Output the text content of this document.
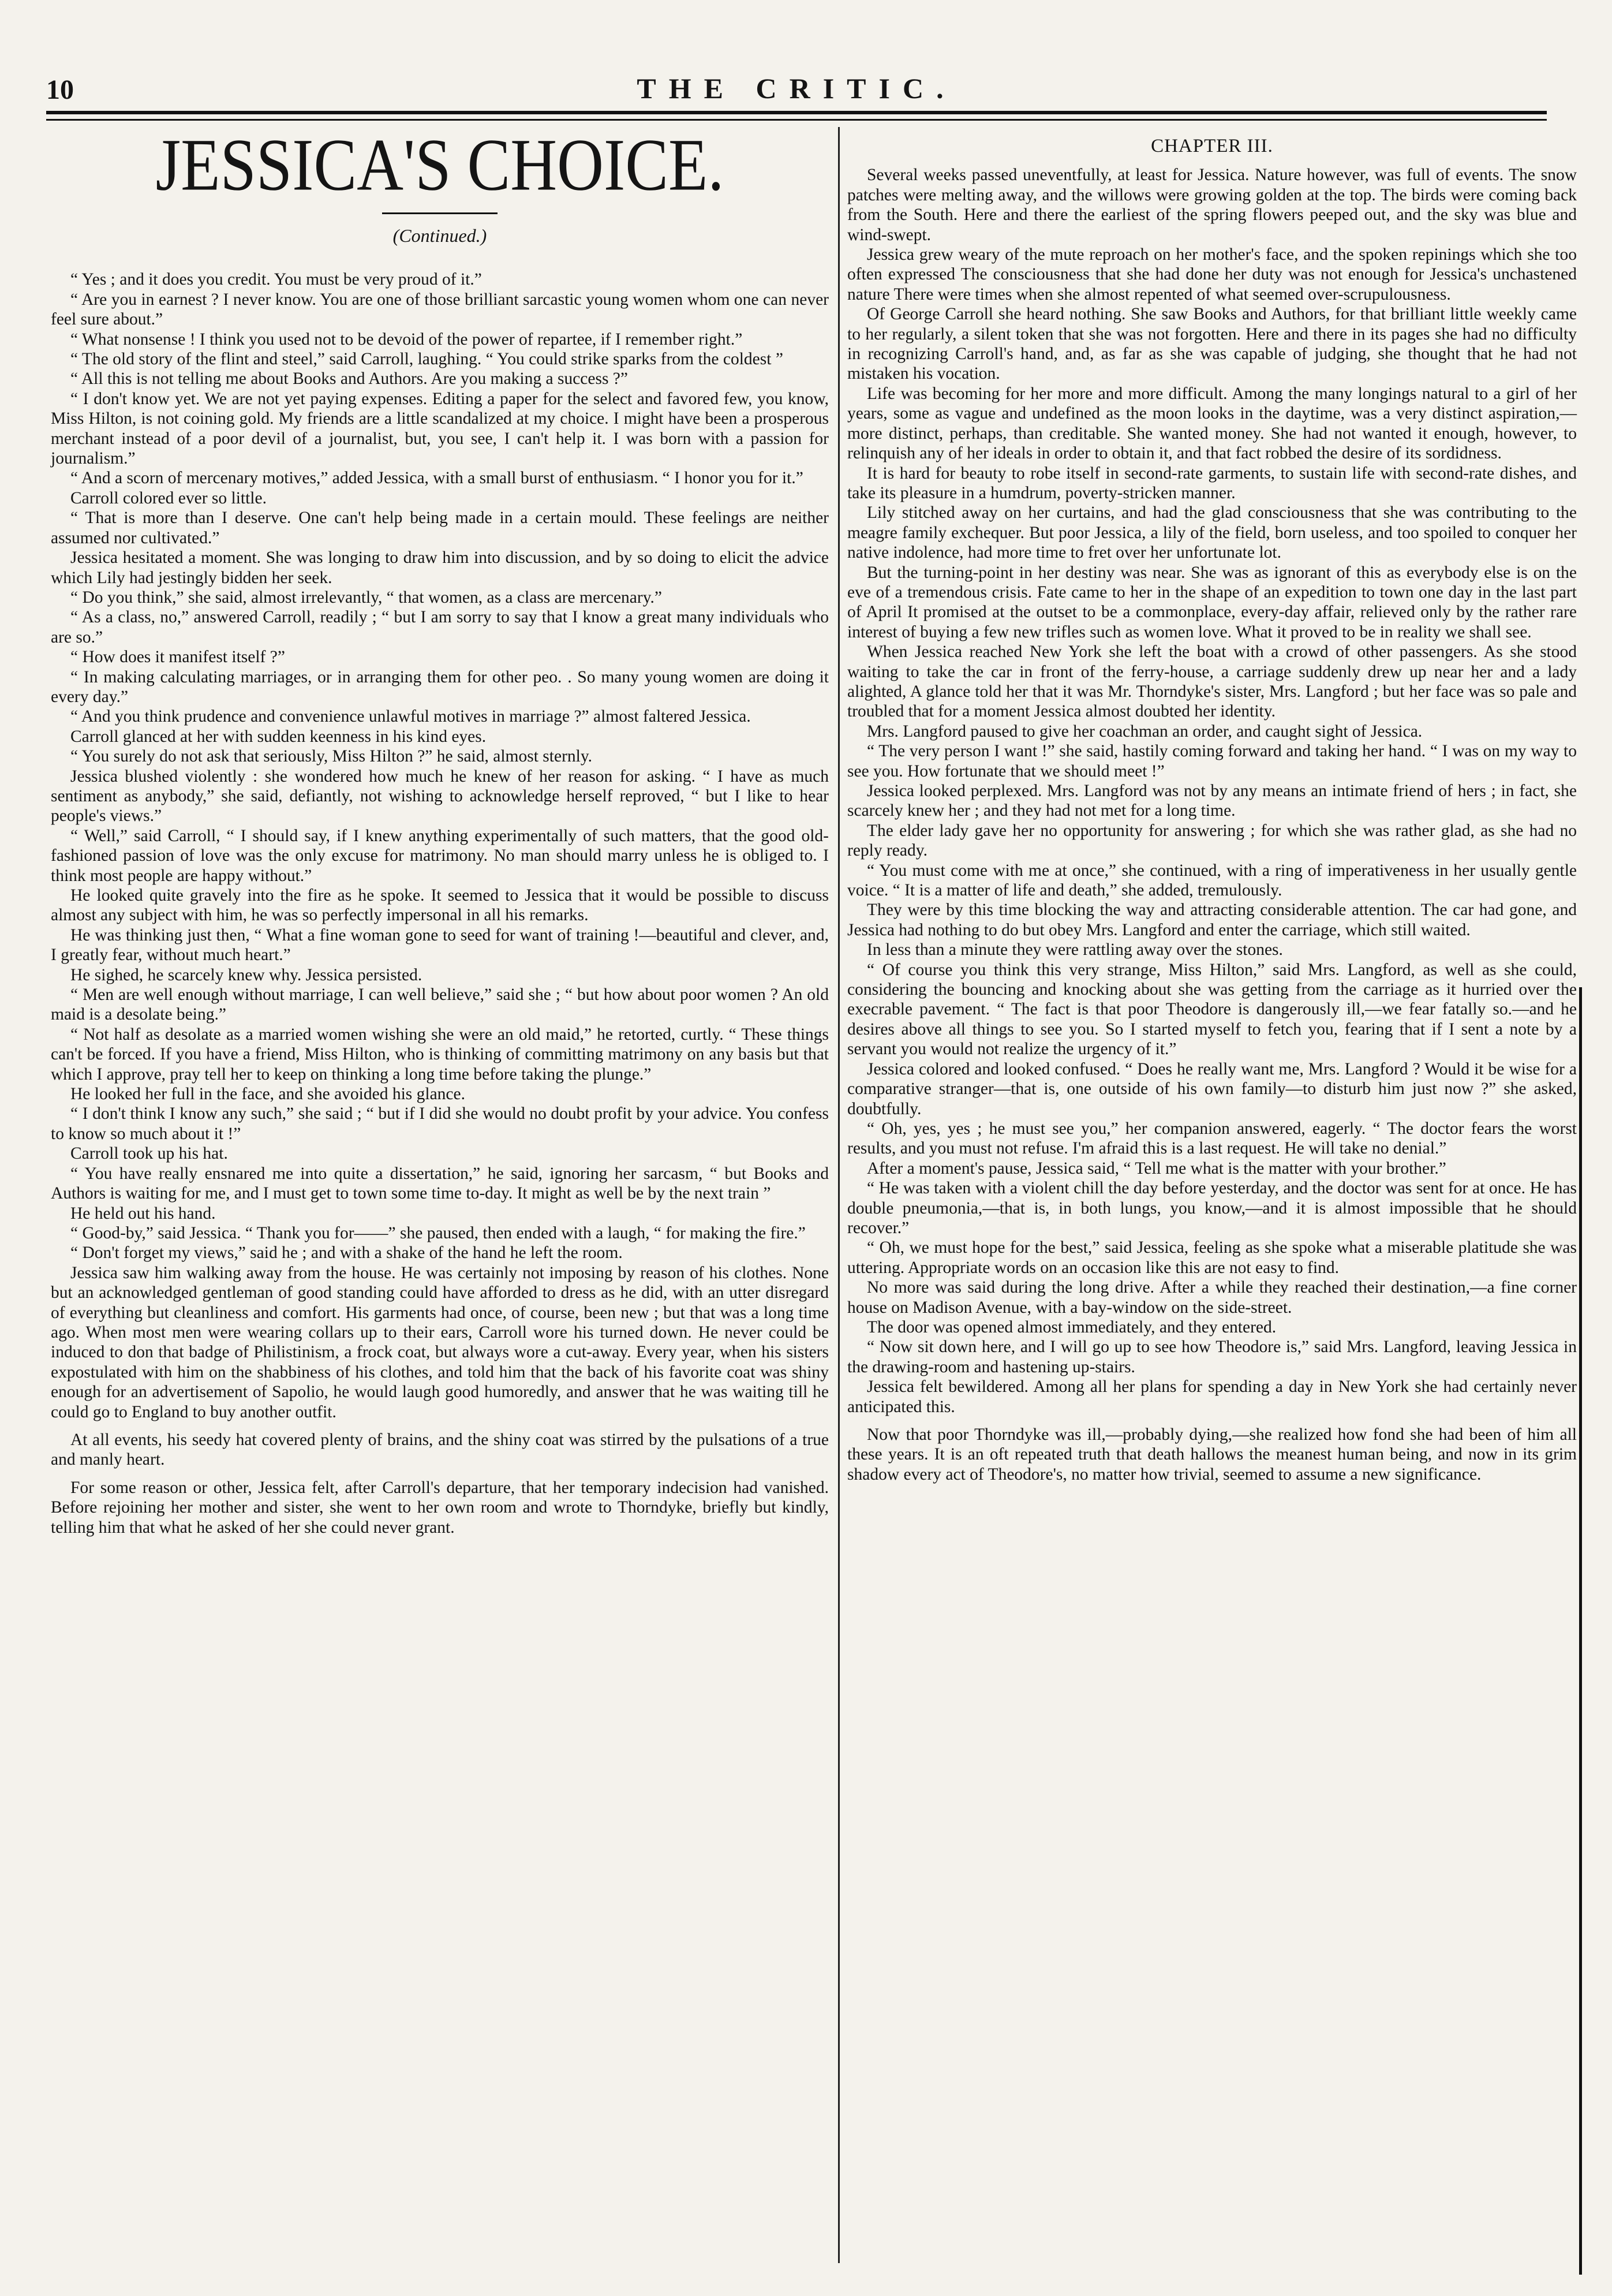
10	THE CRITIC.
JESSICA'S CHOICE.
(Continued.)

“ Yes ; and it does you credit. You must be very proud of it.”

“ Are you in earnest ? I never know. You are one of those brilliant sarcastic young women whom one can never feel sure about.”

“ What nonsense ! I think you used not to be devoid of the power of repartee, if I remember right.”

“ The old story of the flint and steel,” said Carroll, laughing. “ You could strike sparks from the coldest ”

“ All this is not telling me about Books and Authors. Are you making a success ?”

“ I don't know yet. We are not yet paying expenses. Editing a paper for the select and favored few, you know, Miss Hilton, is not coining gold. My friends are a little scandalized at my choice. I might have been a prosperous merchant instead of a poor devil of a journalist, but, you see, I can't help it. I was born with a passion for journalism.”

“ And a scorn of mercenary motives,” added Jessica, with a small burst of enthusiasm. “ I honor you for it.”

Carroll colored ever so little.

“ That is more than I deserve. One can't help being made in a certain mould. These feelings are neither assumed nor cultivated.”

Jessica hesitated a moment. She was longing to draw him into discussion, and by so doing to elicit the advice which Lily had jestingly bidden her seek.

“ Do you think,” she said, almost irrelevantly, “ that women, as a class are mercenary.”

“ As a class, no,” answered Carroll, readily ; “ but I am sorry to say that I know a great many individuals who are so.”

“ How does it manifest itself ?”

“ In making calculating marriages, or in arranging them for other peo. . So many young women are doing it every day.”

“ And you think prudence and convenience unlawful motives in marriage ?” almost faltered Jessica.

Carroll glanced at her with sudden keenness in his kind eyes.

“ You surely do not ask that seriously, Miss Hilton ?” he said, almost sternly.

Jessica blushed violently : she wondered how much he knew of her reason for asking. “ I have as much sentiment as anybody,” she said, defiantly, not wishing to acknowledge herself reproved, “ but I like to hear people's views.”

“ Well,” said Carroll, “ I should say, if I knew anything experimentally of such matters, that the good old-fashioned passion of love was the only excuse for matrimony. No man should marry unless he is obliged to. I think most people are happy without.”

He looked quite gravely into the fire as he spoke. It seemed to Jessica that it would be possible to discuss almost any subject with him, he was so perfectly impersonal in all his remarks.

He was thinking just then, “ What a fine woman gone to seed for want of training !—beautiful and clever, and, I greatly fear, without much heart.”

He sighed, he scarcely knew why. Jessica persisted.

“ Men are well enough without marriage, I can well believe,” said she ; “ but how about poor women ? An old maid is a desolate being.”

“ Not half as desolate as a married women wishing she were an old maid,” he retorted, curtly. “ These things can't be forced. If you have a friend, Miss Hilton, who is thinking of committing matrimony on any basis but that which I approve, pray tell her to keep on thinking a long time before taking the plunge.”

He looked her full in the face, and she avoided his glance.

“ I don't think I know any such,” she said ; “ but if I did she would no doubt profit by your advice. You confess to know so much about it !”

Carroll took up his hat.

“ You have really ensnared me into quite a dissertation,” he said, ignoring her sarcasm, “ but Books and Authors is waiting for me, and I must get to town some time to-day. It might as well be by the next train ”

He held out his hand.

“ Good-by,” said Jessica. “ Thank you for——” she paused, then ended with a laugh, “ for making the fire.”

“ Don't forget my views,” said he ; and with a shake of the hand he left the room.

Jessica saw him walking away from the house. He was certainly not imposing by reason of his clothes. None but an acknowledged gentleman of good standing could have afforded to dress as he did, with an utter disregard of everything but cleanliness and comfort. His garments had once, of course, been new ; but that was a long time ago. When most men were wearing collars up to their ears, Carroll wore his turned down. He never could be induced to don that badge of Philistinism, a frock coat, but always wore a cut-away. Every year, when his sisters expostulated with him on the shabbiness of his clothes, and told him that the back of his favorite coat was shiny enough for an advertisement of Sapolio, he would laugh good humoredly, and answer that he was waiting till he could go to England to buy another outfit.

At all events, his seedy hat covered plenty of brains, and the shiny coat was stirred by the pulsations of a true and manly heart.

For some reason or other, Jessica felt, after Carroll's departure, that her temporary indecision had vanished. Before rejoining her mother and sister, she went to her own room and wrote to Thorndyke, briefly but kindly, telling him that what he asked of her she could never grant.

CHAPTER III.

Several weeks passed uneventfully, at least for Jessica. Nature however, was full of events. The snow patches were melting away, and the willows were growing golden at the top. The birds were coming back from the South. Here and there the earliest of the spring flowers peeped out, and the sky was blue and wind-swept.

Jessica grew weary of the mute reproach on her mother's face, and the spoken repinings which she too often expressed The consciousness that she had done her duty was not enough for Jessica's unchastened nature There were times when she almost repented of what seemed over-scrupulousness.

Of George Carroll she heard nothing. She saw Books and Authors, for that brilliant little weekly came to her regularly, a silent token that she was not forgotten. Here and there in its pages she had no difficulty in recognizing Carroll's hand, and, as far as she was capable of judging, she thought that he had not mistaken his vocation.

Life was becoming for her more and more difficult. Among the many longings natural to a girl of her years, some as vague and undefined as the moon looks in the daytime, was a very distinct aspiration,—more distinct, perhaps, than creditable. She wanted money. She had not wanted it enough, however, to relinquish any of her ideals in order to obtain it, and that fact robbed the desire of its sordidness.

It is hard for beauty to robe itself in second-rate garments, to sustain life with second-rate dishes, and take its pleasure in a humdrum, poverty-stricken manner.

Lily stitched away on her curtains, and had the glad consciousness that she was contributing to the meagre family exchequer. But poor Jessica, a lily of the field, born useless, and too spoiled to conquer her native indolence, had more time to fret over her unfortunate lot.

But the turning-point in her destiny was near. She was as ignorant of this as everybody else is on the eve of a tremendous crisis. Fate came to her in the shape of an expedition to town one day in the last part of April It promised at the outset to be a commonplace, every-day affair, relieved only by the rather rare interest of buying a few new trifles such as women love. What it proved to be in reality we shall see.

When Jessica reached New York she left the boat with a crowd of other passengers. As she stood waiting to take the car in front of the ferry-house, a carriage suddenly drew up near her and a lady alighted, A glance told her that it was Mr. Thorndyke's sister, Mrs. Langford ; but her face was so pale and troubled that for a moment Jessica almost doubted her identity.

Mrs. Langford paused to give her coachman an order, and caught sight of Jessica.

“ The very person I want !” she said, hastily coming forward and taking her hand. “ I was on my way to see you. How fortunate that we should meet !”

Jessica looked perplexed. Mrs. Langford was not by any means an intimate friend of hers ; in fact, she scarcely knew her ; and they had not met for a long time.

The elder lady gave her no opportunity for answering ; for which she was rather glad, as she had no reply ready.

“ You must come with me at once,” she continued, with a ring of imperativeness in her usually gentle voice. “ It is a matter of life and death,” she added, tremulously.

They were by this time blocking the way and attracting considerable attention. The car had gone, and Jessica had nothing to do but obey Mrs. Langford and enter the carriage, which still waited.

In less than a minute they were rattling away over the stones.

“ Of course you think this very strange, Miss Hilton,” said Mrs. Langford, as well as she could, considering the bouncing and knocking about she was getting from the carriage as it hurried over the execrable pavement. “ The fact is that poor Theodore is dangerously ill,—we fear fatally so.—and he desires above all things to see you. So I started myself to fetch you, fearing that if I sent a note by a servant you would not realize the urgency of it.”

Jessica colored and looked confused. “ Does he really want me, Mrs. Langford ? Would it be wise for a comparative stranger—that is, one outside of his own family—to disturb him just now ?” she asked, doubtfully.

“ Oh, yes, yes ; he must see you,” her companion answered, eagerly. “ The doctor fears the worst results, and you must not refuse. I'm afraid this is a last request. He will take no denial.”

After a moment's pause, Jessica said, “ Tell me what is the matter with your brother.”

“ He was taken with a violent chill the day before yesterday, and the doctor was sent for at once. He has double pneumonia,—that is, in both lungs, you know,—and it is almost impossible that he should recover.”

“ Oh, we must hope for the best,” said Jessica, feeling as she spoke what a miserable platitude she was uttering. Appropriate words on an occasion like this are not easy to find.

No more was said during the long drive. After a while they reached their destination,—a fine corner house on Madison Avenue, with a bay-window on the side-street.

The door was opened almost immediately, and they entered.

“ Now sit down here, and I will go up to see how Theodore is,” said Mrs. Langford, leaving Jessica in the drawing-room and hastening up-stairs.

Jessica felt bewildered. Among all her plans for spending a day in New York she had certainly never anticipated this.

Now that poor Thorndyke was ill,—probably dying,—she realized how fond she had been of him all these years. It is an oft repeated truth that death hallows the meanest human being, and now in its grim shadow every act of Theodore's, no matter how trivial, seemed to assume a new significance.
